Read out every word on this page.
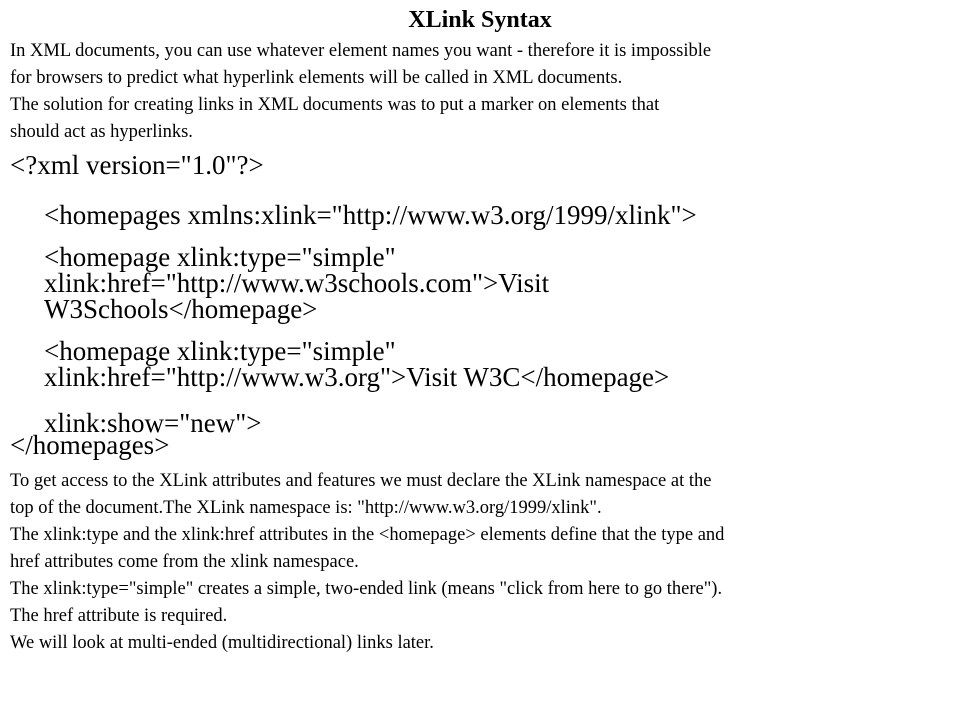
XLink Syntax

In XML documents, you can use whatever element names you want - therefore it is impossible
for browsers to predict what hyperlink elements will be called in XML documents.
The solution for creating links in XML documents was to put a marker on elements that
should act as hyperlinks.

<?xml version="1.0"?>
<homepages xmlns:xlink="http://www.w3.org/1999/xlink">
<homepage xlink:type="simple"
xlink:href="http://www.w3schools.com">Visit
W3Schools</homepage>
<homepage xlink:type="simple"
xlink:href="http://www.w3.org">Visit W3C</homepage>
xlink:show="new">
</homepages>

To get access to the XLink attributes and features we must declare the XLink namespace at the
top of the document.The XLink namespace is: "http://www.w3.org/1999/xlink".
The xlink:type and the xlink:href attributes in the <homepage> elements define that the type and
href attributes come from the xlink namespace.
The xlink:type="simple" creates a simple, two-ended link (means "click from here to go there").
The href attribute is required.
We will look at multi-ended (multidirectional) links later.
